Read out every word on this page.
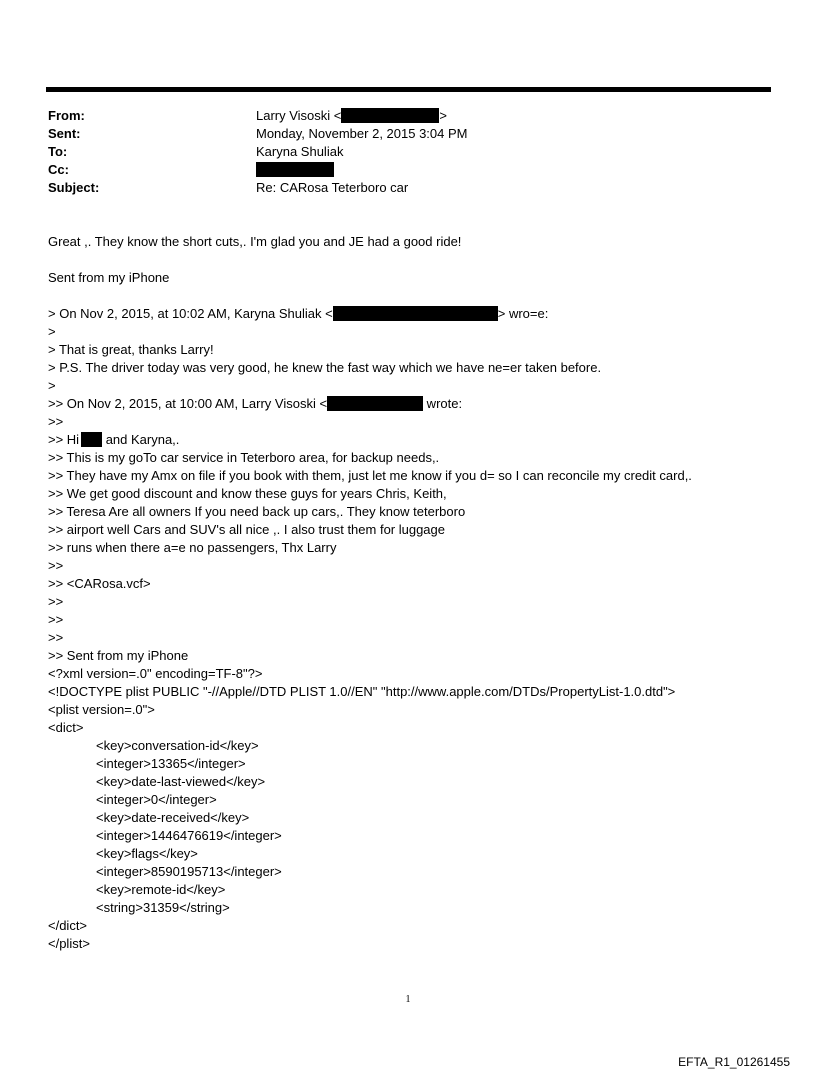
From:	Larry Visoski <	>
Sent:	Monday, November 2, 2015 3:04 PM
To:	Karyna Shuliak
Cc:
Subject:	Re: CARosa Teterboro car
Great ,. They know the short cuts,. I'm glad you and JE had a good ride!
Sent from my iPhone
> On Nov 2, 2015, at 10:02 AM, Karyna Shuliak <	> wro=e:
>
> That is great, thanks Larry!
> P.S. The driver today was very good, he knew the fast way which we have ne=er taken before.
>
>> On Nov 2, 2015, at 10:00 AM, Larry Visoski <	wrote:
>>
>> Hi and Karyna,.
>> This is my goTo car service in Teterboro area, for backup needs,.
>> They have my Amx on file if you book with them, just let me know if you d= so I can reconcile my credit card,.
>> We get good discount and know these guys for years Chris, Keith,
>> Teresa Are all owners If you need back up cars,. They know teterboro
>> airport well Cars and SUV's all nice ,. I also trust them for luggage
>> runs when there a=e no passengers, Thx Larry
>>
>> <CARosa.vcf>
>>
>>
>>
>> Sent from my iPhone
<?xml version=.0" encoding=TF-8"?>
<!DOCTYPE plist PUBLIC "-//Apple//DTD PLIST 1.0//EN" "http://www.apple.com/DTDs/PropertyList-1.0.dtd">
<plist version=.0">
<dict>
<key>conversation-id</key>
<integer>13365</integer>
<key>date-last-viewed</key>
<integer>0</integer>
<key>date-received</key>
<integer>1446476619</integer>
<key>flags</key>
<integer>8590195713</integer>
<key>remote-id</key>
<string>31359</string>
</dict>
</plist>
1
EFTA_R1_01261455
